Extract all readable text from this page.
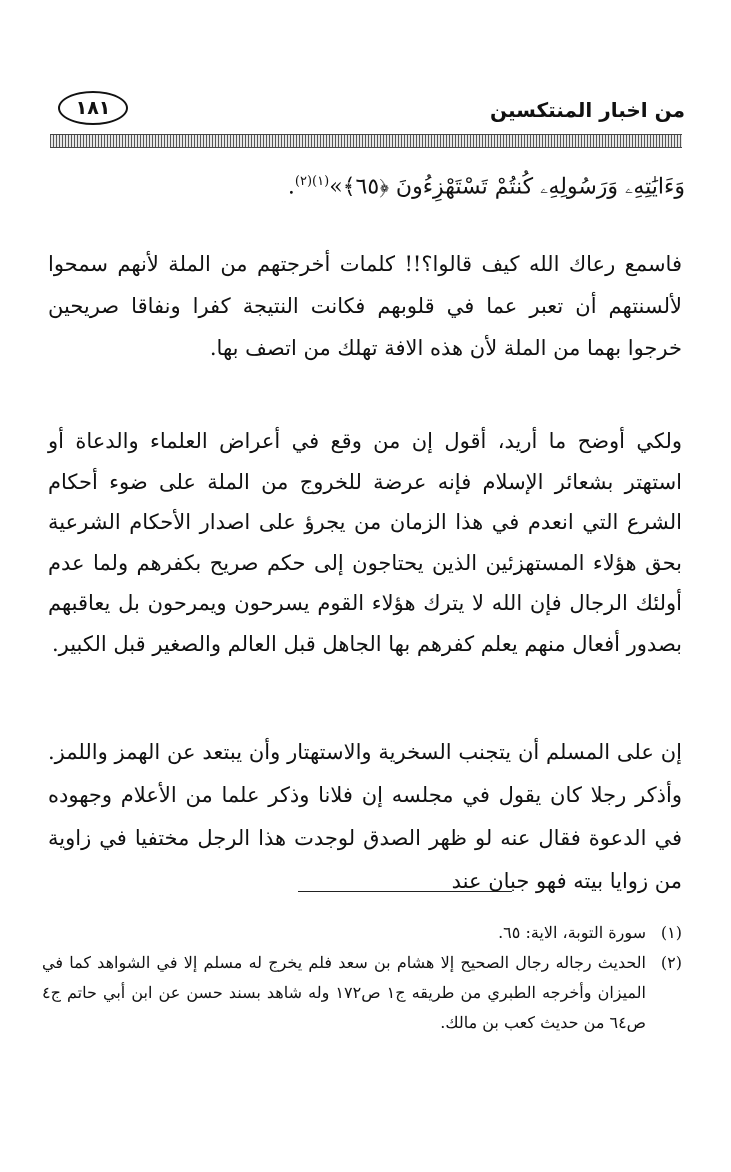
١٨١	من اخبار المنتكسين
وَءَايَٰتِهِۦ وَرَسُولِهِۦ كُنتُمْ تَسْتَهْزِءُونَ ﴿٦٥﴾»$^{(١)(٢)}$.

فاسمع رعاك الله كيف قالوا؟!! كلمات أخرجتهم من الملة لأنهم سمحوا لألسنتهم أن تعبر عما في قلوبهم فكانت النتيجة كفرا ونفاقا صريحين خرجوا بهما من الملة لأن هذه الافة تهلك من اتصف بها.

ولكي أوضح ما أريد، أقول إن من وقع في أعراض العلماء والدعاة أو استهتر بشعائر الإسلام فإنه عرضة للخروج من الملة على ضوء أحكام الشرع التي انعدم في هذا الزمان من يجرؤ على اصدار الأحكام الشرعية بحق هؤلاء المستهزئين الذين يحتاجون إلى حكم صريح بكفرهم ولما عدم أولئك الرجال فإن الله لا يترك هؤلاء القوم يسرحون ويمرحون بل يعاقبهم بصدور أفعال منهم يعلم كفرهم بها الجاهل قبل العالم والصغير قبل الكبير.

إن على المسلم أن يتجنب السخرية والاستهتار وأن يبتعد عن الهمز واللمز. وأذكر رجلا كان يقول في مجلسه إن فلانا وذكر علما من الأعلام وجهوده في الدعوة فقال عنه لو ظهر الصدق لوجدت هذا الرجل مختفيا في زاوية من زوايا بيته فهو جبان عند

(١)
سورة التوبة، الاية: ٦٥.
(٢)
الحديث رجاله رجال الصحيح إلا هشام بن سعد فلم يخرج له مسلم إلا في الشواهد كما في الميزان وأخرجه الطبري من طريقه ج١ ص١٧٢ وله شاهد بسند حسن عن ابن أبي حاتم ج٤ ص٦٤ من حديث كعب بن مالك.
